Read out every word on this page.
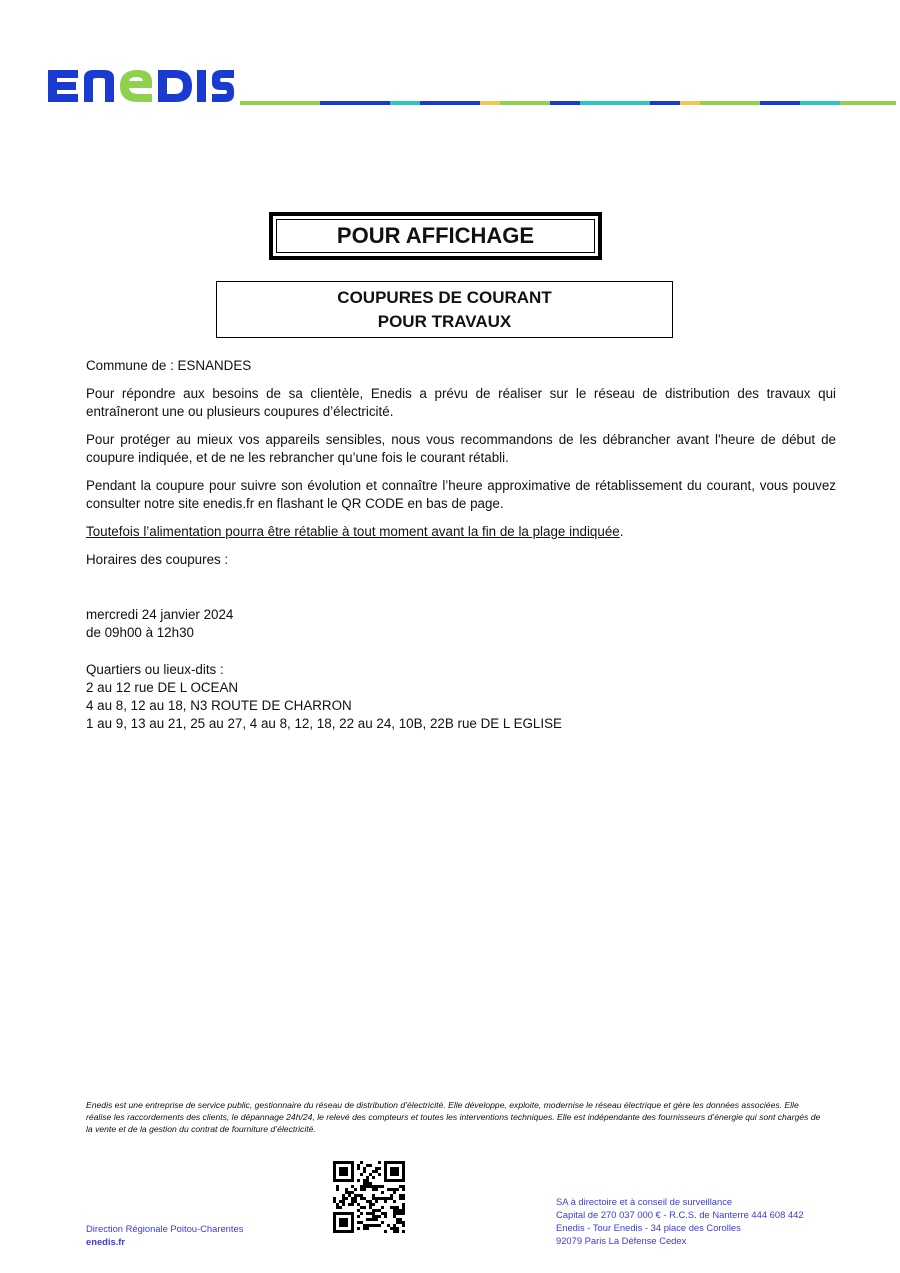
POUR AFFICHAGE
COUPURES DE COURANT
POUR TRAVAUX
Commune de : ESNANDES
Pour répondre aux besoins de sa clientèle, Enedis a prévu de réaliser sur le réseau de distribution des travaux qui entraîneront une ou plusieurs coupures d’électricité.
Pour protéger au mieux vos appareils sensibles, nous vous recommandons de les débrancher avant l'heure de début de coupure indiquée, et de ne les rebrancher qu’une fois le courant rétabli.
Pendant la coupure pour suivre son évolution et connaître l’heure approximative de rétablissement du courant, vous pouvez consulter notre site enedis.fr en flashant le QR CODE en bas de page.
Toutefois l’alimentation pourra être rétablie à tout moment avant la fin de la plage indiquée.
Horaires des coupures :

mercredi 24 janvier 2024

de 09h00 à 12h30

Quartiers ou lieux-dits :

2 au 12 rue DE L OCEAN

4 au 8, 12 au 18, N3 ROUTE DE CHARRON

1 au 9, 13 au 21, 25 au 27, 4 au 8, 12, 18, 22 au 24, 10B, 22B rue DE L EGLISE

Enedis est une entreprise de service public, gestionnaire du réseau de distribution d’électricité. Elle développe, exploite, modernise le réseau électrique et gère les données associées. Elle réalise les raccordements des clients, le dépannage 24h/24, le relevé des compteurs et toutes les interventions techniques. Elle est indépendante des fournisseurs d’énergie qui sont chargés de la vente et de la gestion du contrat de fourniture d’électricité.
Direction Régionale Poitou-Charentes
enedis.fr
SA à directoire et à conseil de surveillance
Capital de 270 037 000 € - R.C.S. de Nanterre 444 608 442
Enedis - Tour Enedis - 34 place des Corolles
92079 Paris La Défense Cedex
